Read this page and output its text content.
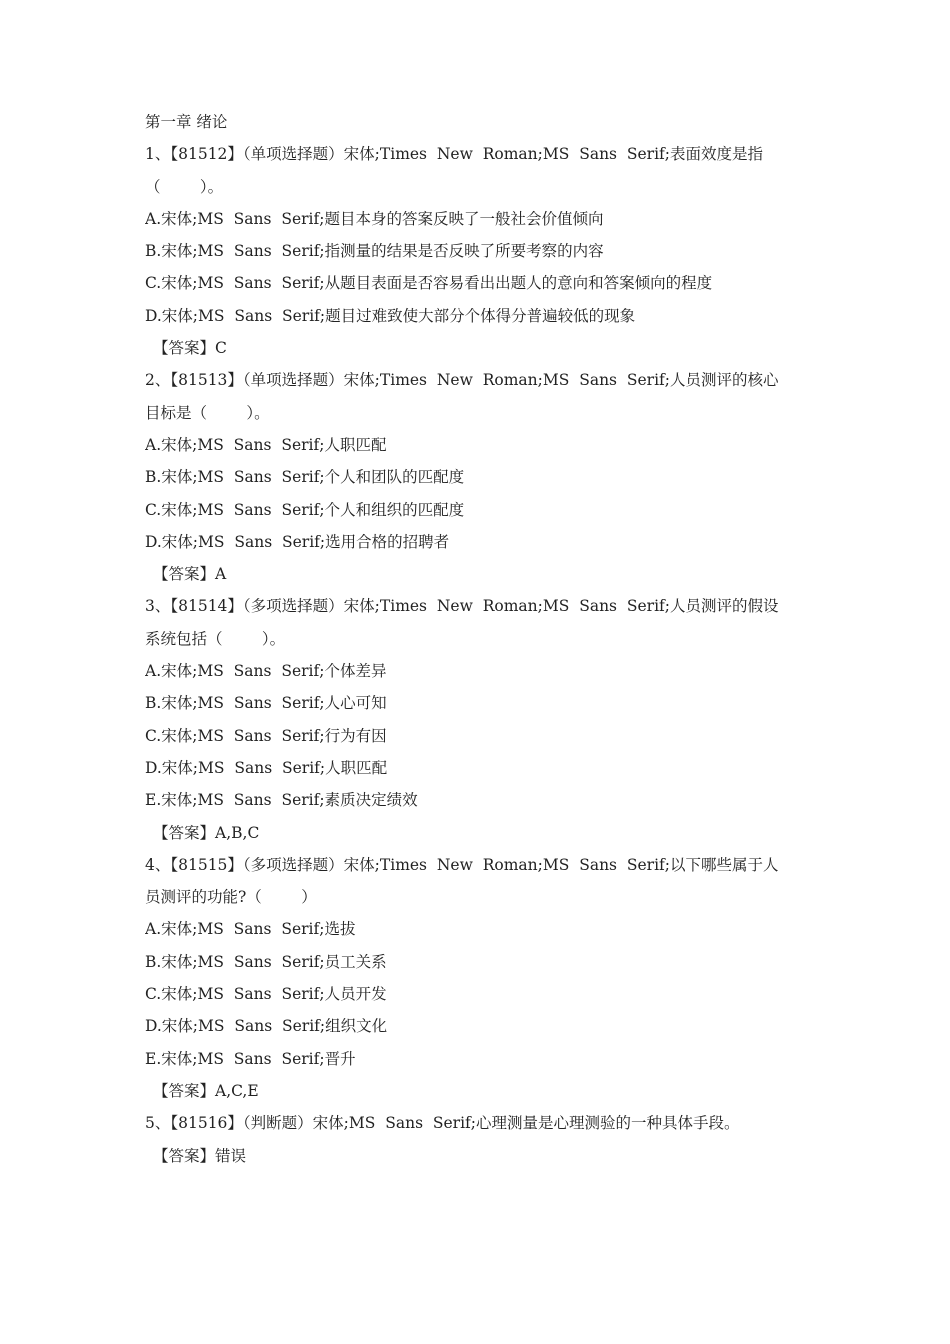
第一章 绪论
1、【81512】（单项选择题）宋体;Times  New  Roman;MS  Sans  Serif;表面效度是指
（        ）。
A.宋体;MS  Sans  Serif;题目本身的答案反映了一般社会价值倾向
B.宋体;MS  Sans  Serif;指测量的结果是否反映了所要考察的内容
C.宋体;MS  Sans  Serif;从题目表面是否容易看出出题人的意向和答案倾向的程度
D.宋体;MS  Sans  Serif;题目过难致使大部分个体得分普遍较低的现象
【答案】C
2、【81513】（单项选择题）宋体;Times  New  Roman;MS  Sans  Serif;人员测评的核心
目标是（        ）。
A.宋体;MS  Sans  Serif;人职匹配
B.宋体;MS  Sans  Serif;个人和团队的匹配度
C.宋体;MS  Sans  Serif;个人和组织的匹配度
D.宋体;MS  Sans  Serif;选用合格的招聘者
【答案】A
3、【81514】（多项选择题）宋体;Times  New  Roman;MS  Sans  Serif;人员测评的假设
系统包括（        ）。
A.宋体;MS  Sans  Serif;个体差异
B.宋体;MS  Sans  Serif;人心可知
C.宋体;MS  Sans  Serif;行为有因
D.宋体;MS  Sans  Serif;人职匹配
E.宋体;MS  Sans  Serif;素质决定绩效
【答案】A,B,C
4、【81515】（多项选择题）宋体;Times  New  Roman;MS  Sans  Serif;以下哪些属于人
员测评的功能?（        ）
A.宋体;MS  Sans  Serif;选拔
B.宋体;MS  Sans  Serif;员工关系
C.宋体;MS  Sans  Serif;人员开发
D.宋体;MS  Sans  Serif;组织文化
E.宋体;MS  Sans  Serif;晋升
【答案】A,C,E
5、【81516】（判断题）宋体;MS  Sans  Serif;心理测量是心理测验的一种具体手段。
【答案】错误
